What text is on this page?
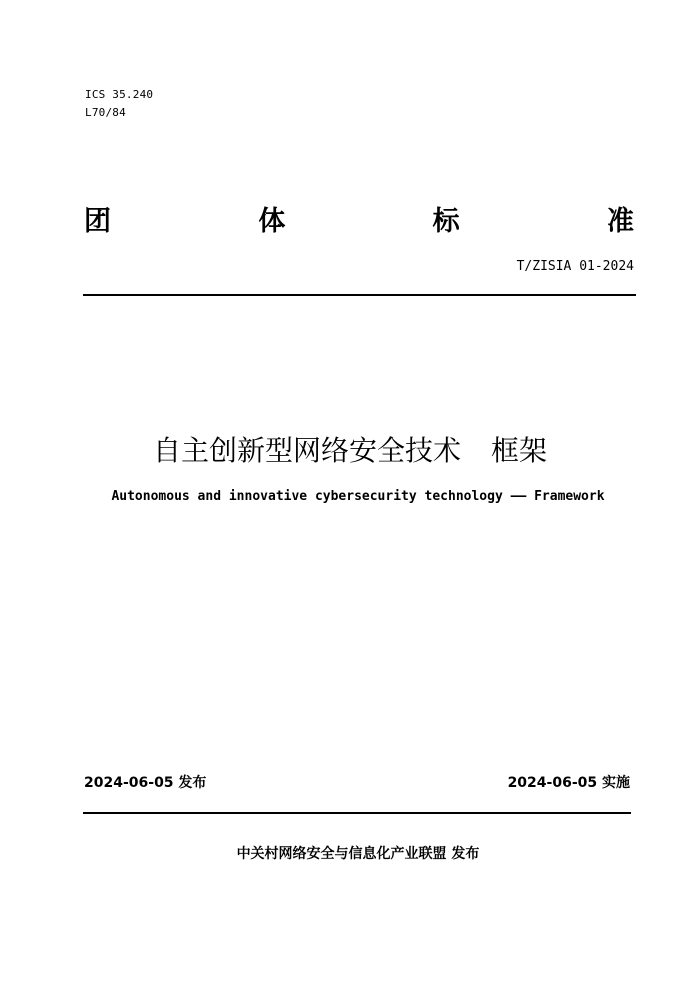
ICS 35.240
L70/84
团	体	标	准
T/ZISIA 01-2024
自主创新型网络安全技术 框架
Autonomous and innovative cybersecurity technology —— Framework
2024-06-05 发布	2024-06-05 实施
中关村网络安全与信息化产业联盟 发布
